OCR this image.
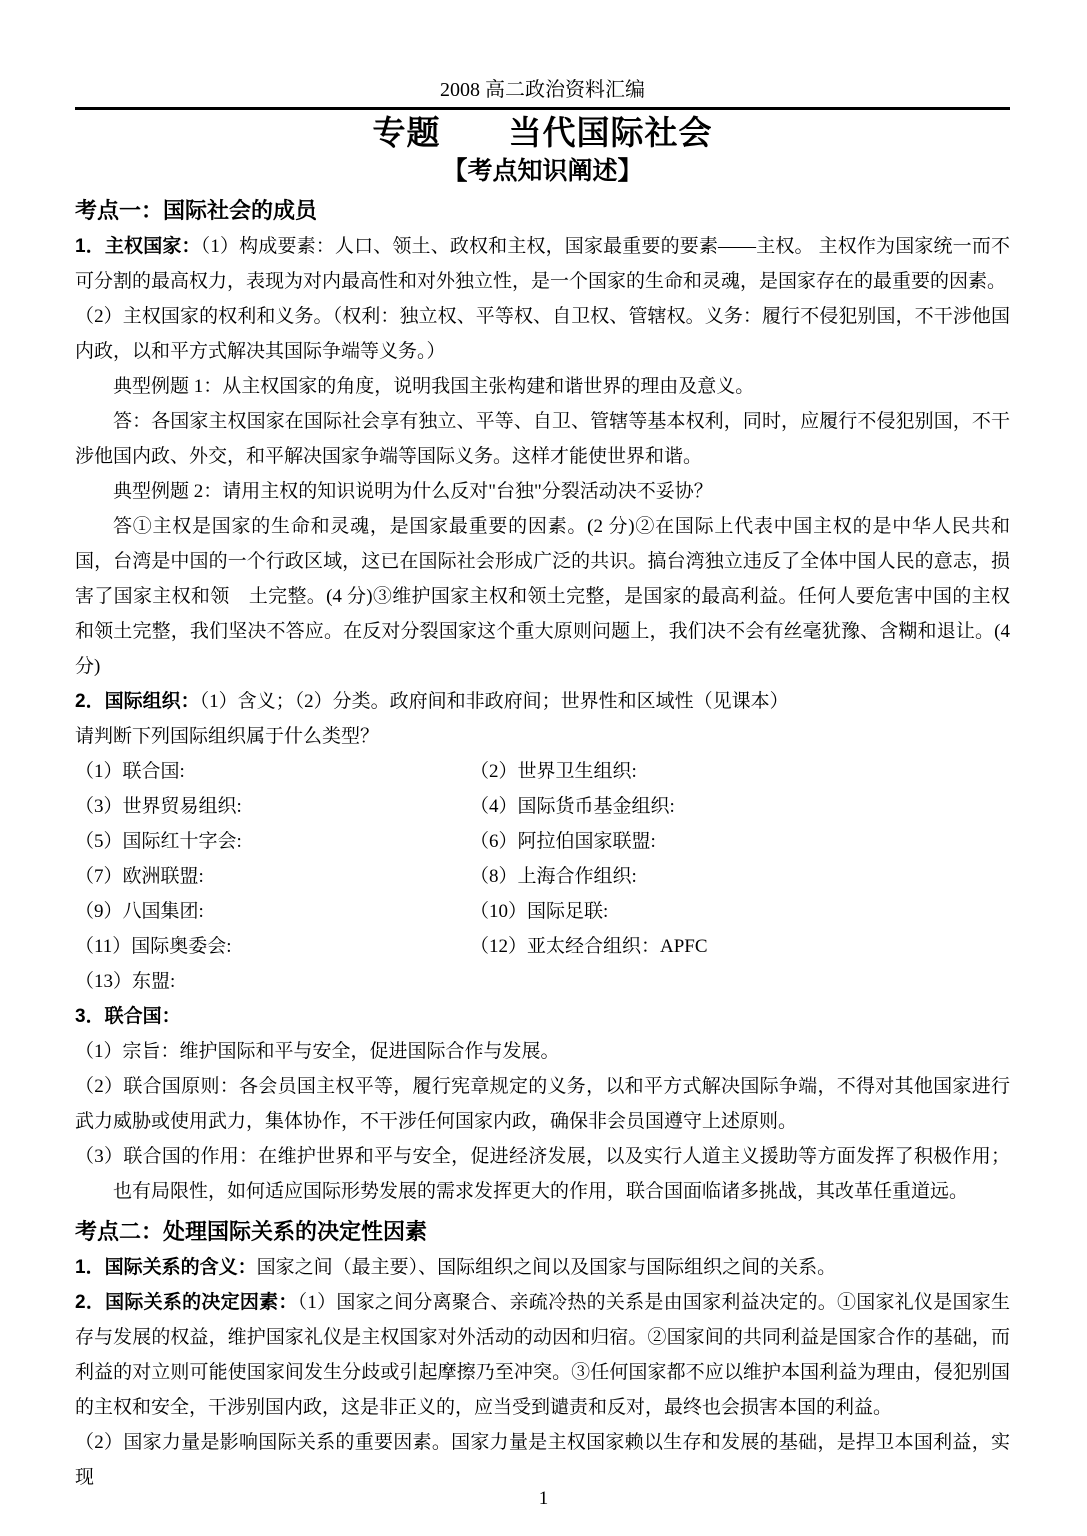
2008 高二政治资料汇编
专题　　当代国际社会
【考点知识阐述】
考点一：国际社会的成员

1．主权国家：（1）构成要素：人口、领土、政权和主权，国家最重要的要素——主权。 主权作为国家统一而不可分割的最高权力，表现为对内最高性和对外独立性，是一个国家的生命和灵魂，是国家存在的最重要的因素。

（2）主权国家的权利和义务。（权利：独立权、平等权、自卫权、管辖权。义务：履行不侵犯别国，不干涉他国内政，以和平方式解决其国际争端等义务。）

典型例题 1：从主权国家的角度，说明我国主张构建和谐世界的理由及意义。

答：各国家主权国家在国际社会享有独立、平等、自卫、管辖等基本权利，同时，应履行不侵犯别国，不干涉他国内政、外交，和平解决国家争端等国际义务。这样才能使世界和谐。

典型例题 2：请用主权的知识说明为什么反对"台独"分裂活动决不妥协？

答①主权是国家的生命和灵魂，是国家最重要的因素。(2 分)②在国际上代表中国主权的是中华人民共和国，台湾是中国的一个行政区域，这已在国际社会形成广泛的共识。搞台湾独立违反了全体中国人民的意志，损害了国家主权和领　土完整。(4 分)③维护国家主权和领土完整，是国家的最高利益。任何人要危害中国的主权和领土完整，我们坚决不答应。在反对分裂国家这个重大原则问题上，我们决不会有丝毫犹豫、含糊和退让。(4 分)

2．国际组织：（1）含义；（2）分类。政府间和非政府间；世界性和区域性（见课本）

请判断下列国际组织属于什么类型？

（1）联合国:	（2）世界卫生组织:
（3）世界贸易组织:	（4）国际货币基金组织:
（5）国际红十字会:	（6）阿拉伯国家联盟:
（7）欧洲联盟:	（8）上海合作组织:
（9）八国集团:	（10）国际足联:
（11）国际奥委会:	（12）亚太经合组织：APFC
（13）东盟:

3．联合国：

（1）宗旨：维护国际和平与安全，促进国际合作与发展。

（2）联合国原则：各会员国主权平等，履行宪章规定的义务，以和平方式解决国际争端，不得对其他国家进行武力威胁或使用武力，集体协作，不干涉任何国家内政，确保非会员国遵守上述原则。

（3）联合国的作用：在维护世界和平与安全，促进经济发展，以及实行人道主义援助等方面发挥了积极作用；也有局限性，如何适应国际形势发展的需求发挥更大的作用，联合国面临诸多挑战，其改革任重道远。

考点二：处理国际关系的决定性因素

1．国际关系的含义：国家之间（最主要）、国际组织之间以及国家与国际组织之间的关系。

2．国际关系的决定因素：（1）国家之间分离聚合、亲疏冷热的关系是由国家利益决定的。①国家礼仪是国家生存与发展的权益，维护国家礼仪是主权国家对外活动的动因和归宿。②国家间的共同利益是国家合作的基础，而利益的对立则可能使国家间发生分歧或引起摩擦乃至冲突。③任何国家都不应以维护本国利益为理由，侵犯别国的主权和安全，干涉别国内政，这是非正义的，应当受到谴责和反对，最终也会损害本国的利益。

（2）国家力量是影响国际关系的重要因素。国家力量是主权国家赖以生存和发展的基础，是捍卫本国利益，实现

1
